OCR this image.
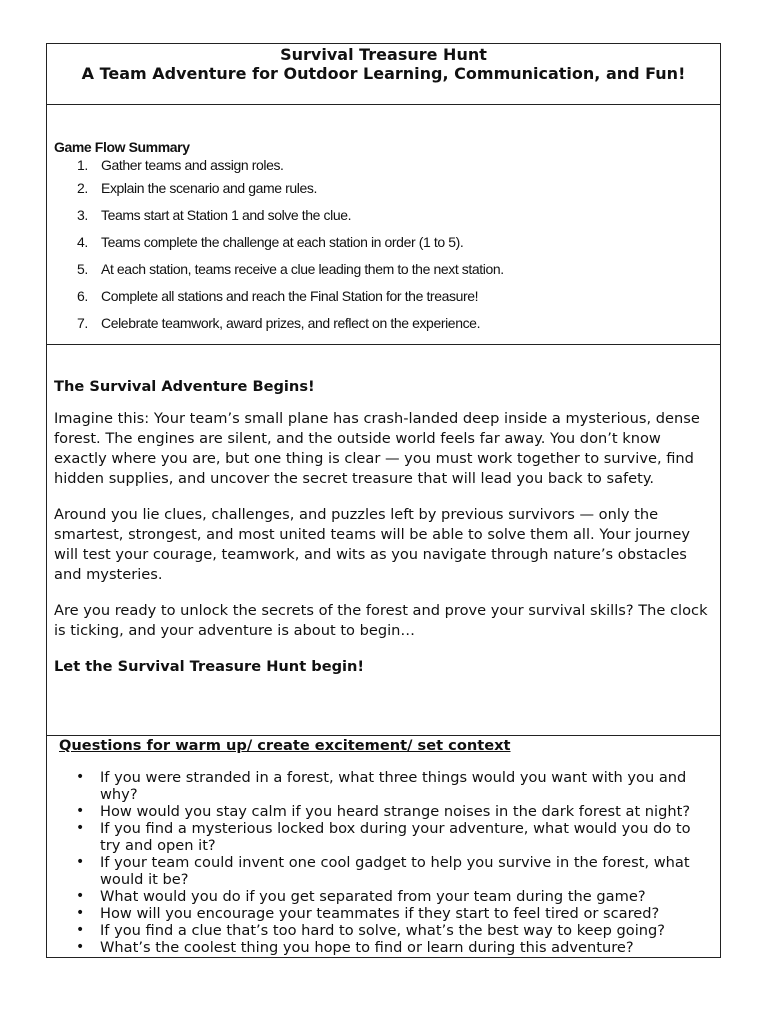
Survival Treasure Hunt
A Team Adventure for Outdoor Learning, Communication, and Fun!
Game Flow Summary
1. Gather teams and assign roles.
2. Explain the scenario and game rules.
3. Teams start at Station 1 and solve the clue.
4. Teams complete the challenge at each station in order (1 to 5).
5. At each station, teams receive a clue leading them to the next station.
6. Complete all stations and reach the Final Station for the treasure!
7. Celebrate teamwork, award prizes, and reflect on the experience.

The Survival Adventure Begins!

Imagine this: Your team’s small plane has crash-landed deep inside a mysterious, dense forest. The engines are silent, and the outside world feels far away. You don’t know exactly where you are, but one thing is clear — you must work together to survive, find hidden supplies, and uncover the secret treasure that will lead you back to safety.

Around you lie clues, challenges, and puzzles left by previous survivors — only the smartest, strongest, and most united teams will be able to solve them all. Your journey will test your courage, teamwork, and wits as you navigate through nature’s obstacles and mysteries.

Are you ready to unlock the secrets of the forest and prove your survival skills? The clock is ticking, and your adventure is about to begin…

Let the Survival Treasure Hunt begin!

Questions for warm up/ create excitement/ set context

• If you were stranded in a forest, what three things would you want with you and why?
• How would you stay calm if you heard strange noises in the dark forest at night?
• If you find a mysterious locked box during your adventure, what would you do to try and open it?
• If your team could invent one cool gadget to help you survive in the forest, what would it be?
• What would you do if you get separated from your team during the game?
• How will you encourage your teammates if they start to feel tired or scared?
• If you find a clue that’s too hard to solve, what’s the best way to keep going?
• What’s the coolest thing you hope to find or learn during this adventure?
